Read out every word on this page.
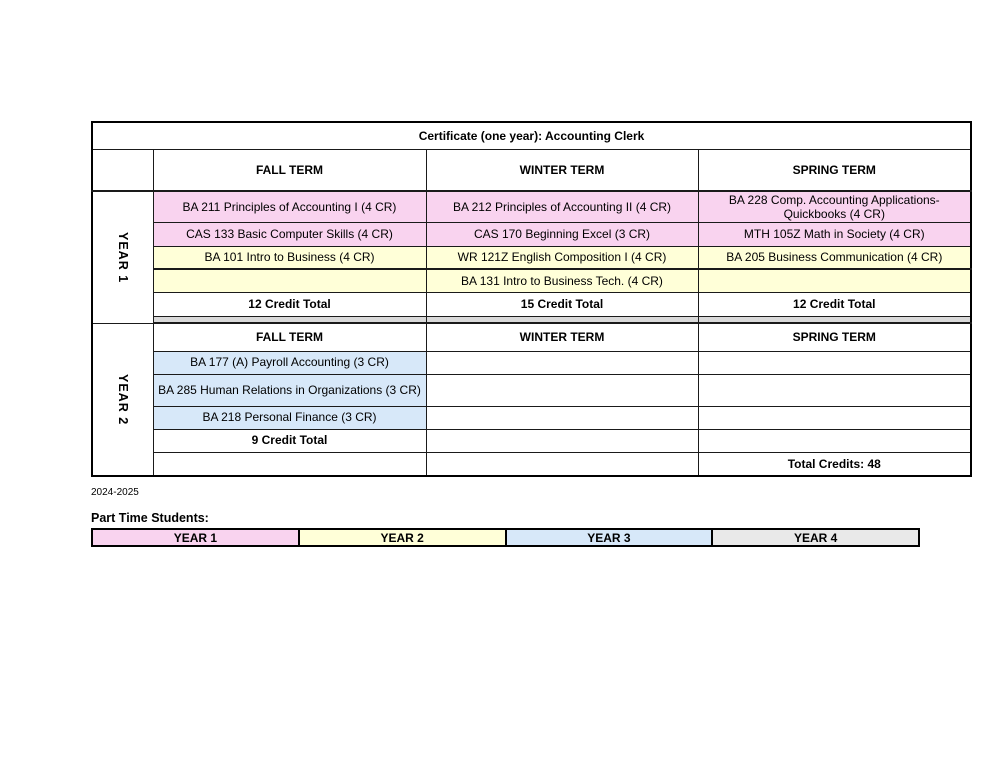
Certificate (one year): Accounting Clerk			
	FALL TERM	WINTER TERM	SPRING TERM

YEAR 1	BA 211 Principles of Accounting I (4 CR)	BA 212 Principles of Accounting II (4 CR)	BA 228 Comp. Accounting Applications-Quickbooks (4 CR)
	CAS 133 Basic Computer Skills (4 CR)	CAS 170 Beginning Excel (3 CR)	MTH 105Z Math in Society (4 CR)
	BA 101 Intro to Business (4 CR)	WR 121Z English Composition I (4 CR)	BA 205 Business Communication (4 CR)
		BA 131 Intro to Business Tech. (4 CR)	
	12 Credit Total	15 Credit Total	12 Credit Total

YEAR 2	FALL TERM	WINTER TERM	SPRING TERM
	BA 177 (A) Payroll Accounting (3 CR)		
	BA 285 Human Relations in Organizations (3 CR)		
	BA 218 Personal Finance (3 CR)		
	9 Credit Total		
			Total Credits: 48
2024-2025
Part Time Students:
YEAR 1	YEAR 2	YEAR 3	YEAR 4
